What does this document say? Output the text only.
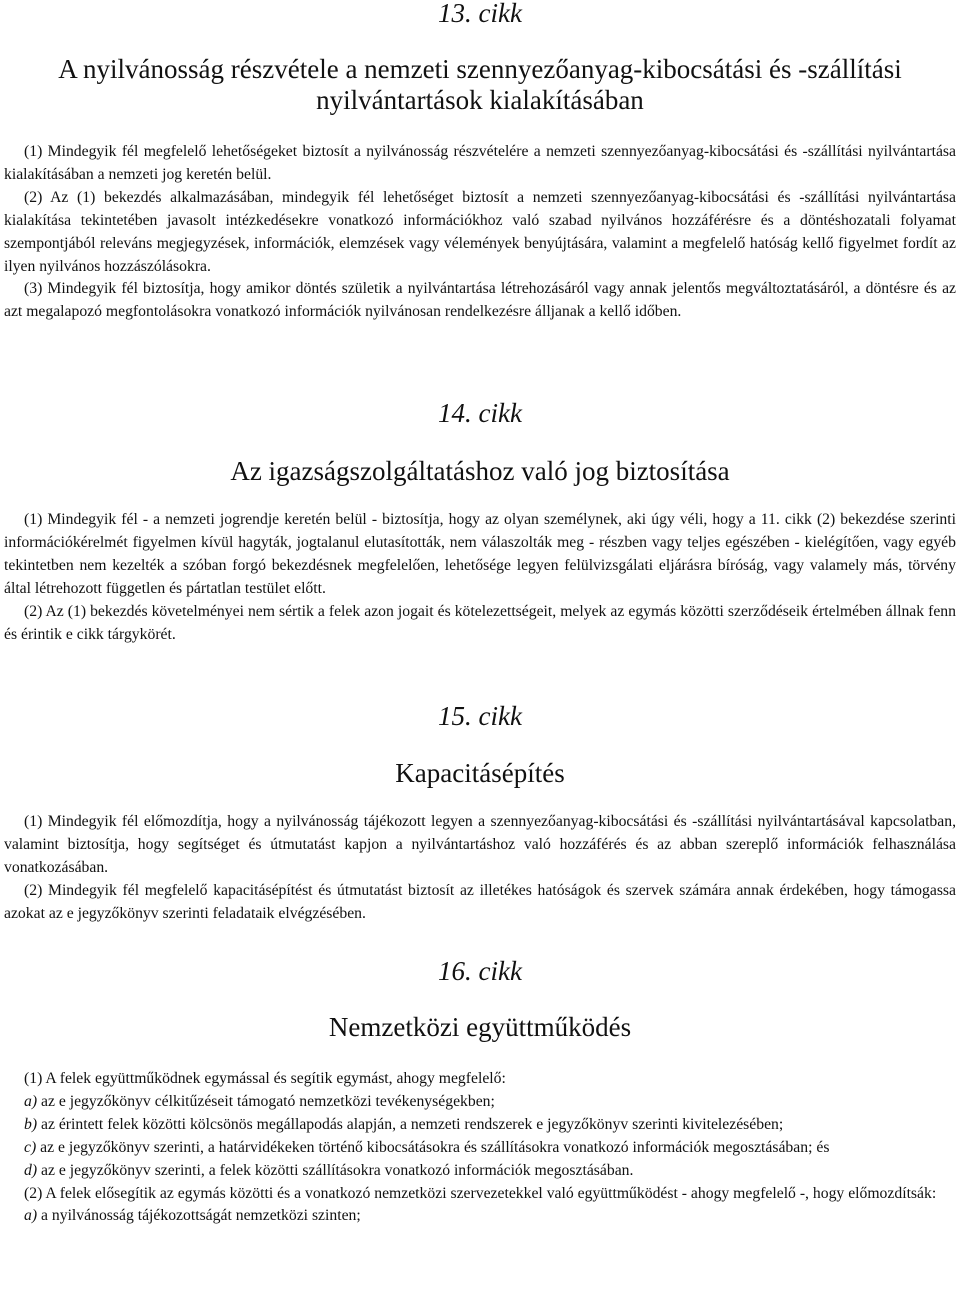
13. cikk
A nyilvánosság részvétele a nemzeti szennyezőanyag-kibocsátási és -szállítási
nyilvántartások kialakításában

(1) Mindegyik fél megfelelő lehetőségeket biztosít a nyilvánosság részvételére a nemzeti szennyezőanyag-kibocsátási és -szállítási nyilvántartása kialakításában a nemzeti jog keretén belül.

(2) Az (1) bekezdés alkalmazásában, mindegyik fél lehetőséget biztosít a nemzeti szennyezőanyag-kibocsátási és -szállítási nyilvántartása kialakítása tekintetében javasolt intézkedésekre vonatkozó információkhoz való szabad nyilvános hozzáférésre és a döntéshozatali folyamat szempontjából releváns megjegyzések, információk, elemzések vagy vélemények benyújtására, valamint a megfelelő hatóság kellő figyelmet fordít az ilyen nyilvános hozzászólásokra.

(3) Mindegyik fél biztosítja, hogy amikor döntés születik a nyilvántartása létrehozásáról vagy annak jelentős megváltoztatásáról, a döntésre és az azt megalapozó megfontolásokra vonatkozó információk nyilvánosan rendelkezésre álljanak a kellő időben.

14. cikk
Az igazságszolgáltatáshoz való jog biztosítása

(1) Mindegyik fél - a nemzeti jogrendje keretén belül - biztosítja, hogy az olyan személynek, aki úgy véli, hogy a 11. cikk (2) bekezdése szerinti információkérelmét figyelmen kívül hagyták, jogtalanul elutasították, nem válaszolták meg - részben vagy teljes egészében - kielégítően, vagy egyéb tekintetben nem kezelték a szóban forgó bekezdésnek megfelelően, lehetősége legyen felülvizsgálati eljárásra bíróság, vagy valamely más, törvény által létrehozott független és pártatlan testület előtt.

(2) Az (1) bekezdés követelményei nem sértik a felek azon jogait és kötelezettségeit, melyek az egymás közötti szerződéseik értelmében állnak fenn és érintik e cikk tárgykörét.

15. cikk
Kapacitásépítés

(1) Mindegyik fél előmozdítja, hogy a nyilvánosság tájékozott legyen a szennyezőanyag-kibocsátási és -szállítási nyilvántartásával kapcsolatban, valamint biztosítja, hogy segítséget és útmutatást kapjon a nyilvántartáshoz való hozzáférés és az abban szereplő információk felhasználása vonatkozásában.

(2) Mindegyik fél megfelelő kapacitásépítést és útmutatást biztosít az illetékes hatóságok és szervek számára annak érdekében, hogy támogassa azokat az e jegyzőkönyv szerinti feladataik elvégzésében.

16. cikk
Nemzetközi együttműködés

(1) A felek együttműködnek egymással és segítik egymást, ahogy megfelelő:

a) az e jegyzőkönyv célkitűzéseit támogató nemzetközi tevékenységekben;

b) az érintett felek közötti kölcsönös megállapodás alapján, a nemzeti rendszerek e jegyzőkönyv szerinti kivitelezésében;

c) az e jegyzőkönyv szerinti, a határvidékeken történő kibocsátásokra és szállításokra vonatkozó információk megosztásában; és

d) az e jegyzőkönyv szerinti, a felek közötti szállításokra vonatkozó információk megosztásában.

(2) A felek elősegítik az egymás közötti és a vonatkozó nemzetközi szervezetekkel való együttműködést - ahogy megfelelő -, hogy előmozdítsák:

a) a nyilvánosság tájékozottságát nemzetközi szinten;
